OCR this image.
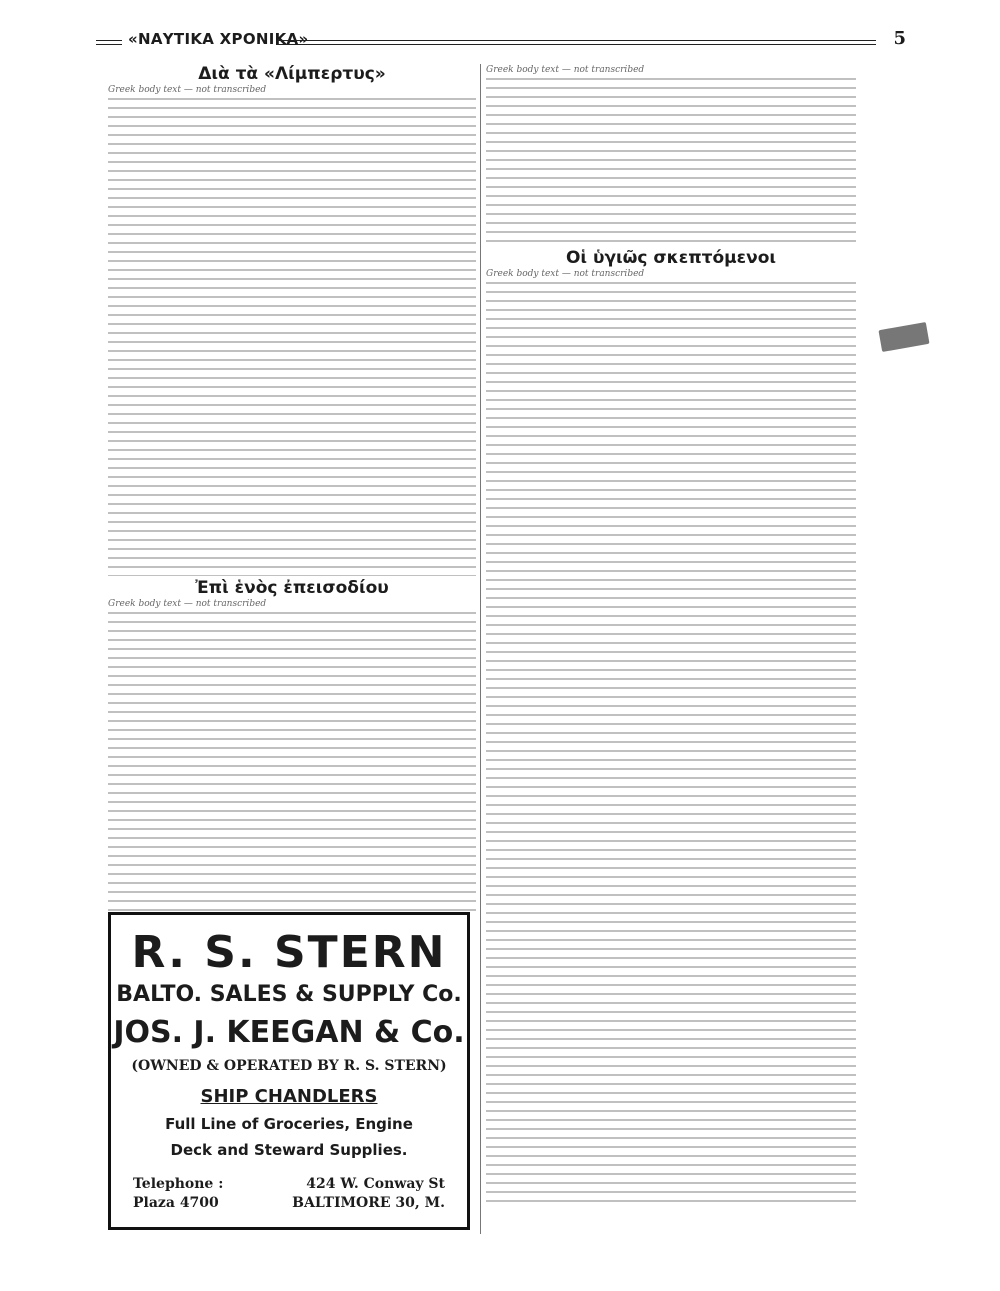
«ΝΑΥΤΙΚΑ ΧΡΟΝΙΚΑ»	5
Διὰ τὰ «Λίμπερτυς»
Greek body text — not transcribed
Ἐπὶ ἑνὸς ἐπεισοδίου
Greek body text — not transcribed
Greek body text — not transcribed
Οἱ ὑγιῶς σκεπτόμενοι
Greek body text — not transcribed
R. S. STERN
BALTO. SALES & SUPPLY Co.
JOS. J. KEEGAN & Co.
(OWNED & OPERATED BY R. S. STERN)
SHIP CHANDLERS
Full Line of Groceries, Engine
Deck and Steward Supplies.
Telephone :
Plaza 4700
424 W. Conway St
BALTIMORE 30, M.
